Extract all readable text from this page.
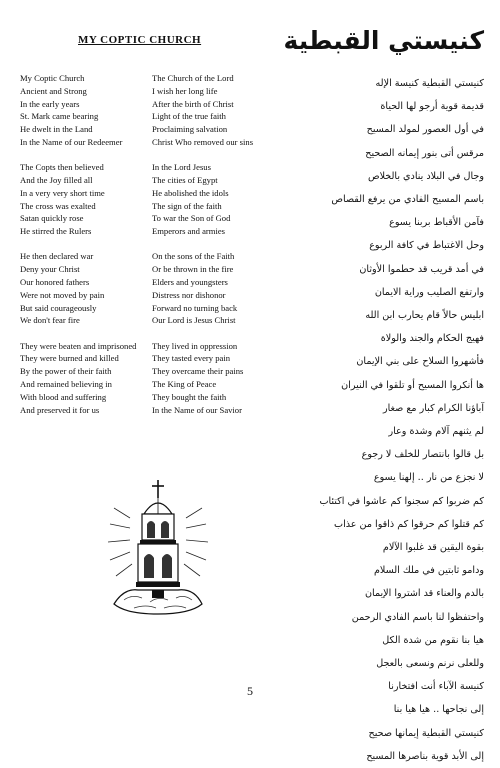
MY COPTIC CHURCH	كنيستي القبطية
My Coptic Church
Ancient and Strong
In the early years
St. Mark came bearing
He dwelt in the Land
In the Name of our Redeemer
The Copts then believed
And the Joy filled all
In a very very short time
The cross was exalted
Satan quickly rose
He stirred the Rulers
He then declared war
Deny your Christ
Our honored fathers
Were not moved by pain
But said courageously
We don't fear fire
They were beaten and imprisoned
They were burned and killed
By the power of their faith
And remained believing in
With blood and suffering
And preserved it for us
The Church of the Lord
I wish her long life
After the birth of Christ
Light of the true faith
Proclaiming salvation
Christ Who removed our sins
In the Lord Jesus
The cities of Egypt
He abolished the idols
The sign of the faith
To war the Son of God
Emperors and armies
On the sons of the Faith
Or be thrown in the fire
Elders and youngsters
Distress nor dishonor
Forward no turning back
Our Lord is Jesus Christ
They lived in oppression
They tasted every pain
They overcame their pains
The King of Peace
They bought the faith
In the Name of our Savior
كنيستي القبطية كنيسة الإله
قديمة قوية أرجو لها الحياة
في أول العصور لمولد المسيح
مرقس أتى بنور إيمانه الصحيح
وجال في البلاد ينادي بالخلاص
باسم المسيح الفادي من يرفع القصاص
فآمن الأقباط بربنا يسوع
وحل الاغتباط في كافة الربوع
في أمد قريب قد حطموا الأوثان
وارتفع الصليب وراية الايمان
ابليس حالاً قام يحارب ابن الله
فهيج الحكام والجند والولاة
فأشهروا السلاح على بني الإيمان
ها أنكروا المسيح أو تلقوا في النيران
آباؤنا الكرام كبار مع صغار
لم يثنهم آلام وشدة وعار
بل قالوا بانتصار للخلف لا رجوع
لا نجزع من نار .. إلهنا يسوع
كم ضربوا كم سجنوا كم عاشوا في اكتئاب
كم قتلوا كم حرقوا كم ذاقوا من عذاب
بقوة اليقين قد غلبوا الآلام
ودامو ثابتين في ملك السلام
بالدم والعناء قد اشتروا الإيمان
واحتفظوا لنا باسم الفادي الرحمن
هيا بنا نقوم من شدة الكل
وللعلى نرنم ونسعى بالعجل
كنيسة الآباء أنت افتخارنا
إلى نجاحها .. هيا هيا بنا
كنيستي القبطية إيمانها صحيح
إلى الأبد قوية بناصرها المسيح
5
